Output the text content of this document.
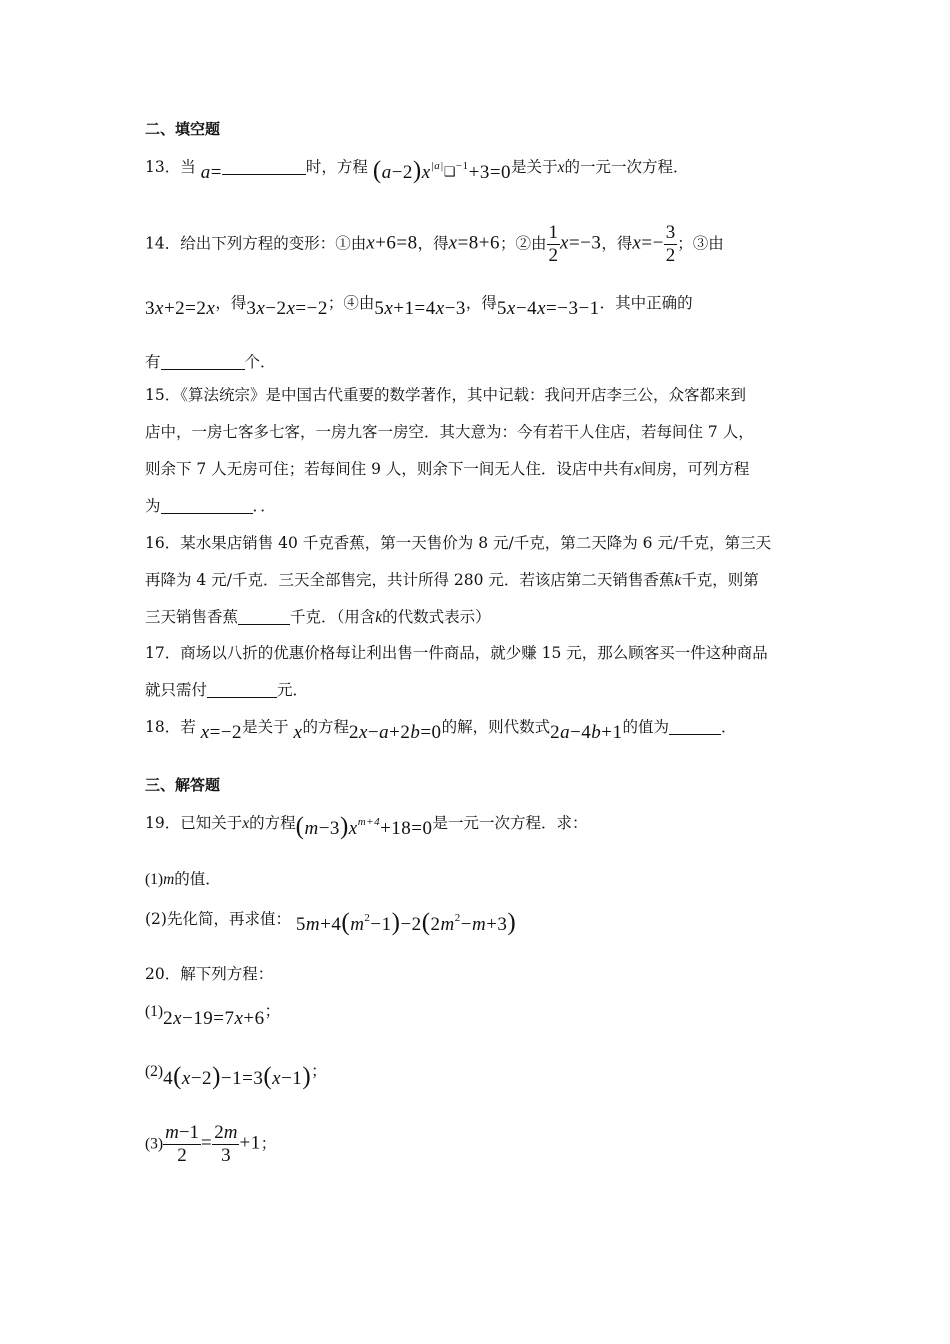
二、填空题
13．当 a=	时，方程 $(a-2)x^{|a|}❑^{-1}+3=0$是关于x的一元一次方程．
14．给出下列方程的变形：①由x+6=8，得x=8+6；②由 $\frac{1}{2} x=-3$，得$x=- \frac{3}{2}$ ；③由
3x+2=2x，得3x−2x=−2；④由5x+1=4x−3，得5x−4x=−3−1．其中正确的
有	个．
15．《算法统宗》是中国古代重要的数学著作，其中记载：我问开店李三公，众客都来到
店中，一房七客多七客，一房九客一房空．其大意为：今有若干人住店，若每间住 7 人，
则余下 7 人无房可住；若每间住 9 人，则余下一间无人住．设店中共有x间房，可列方程
为	．．
16．某水果店销售 40 千克香蕉，第一天售价为 8 元/千克，第二天降为 6 元/千克，第三天
再降为 4 元/千克．三天全部售完，共计所得 280 元．若该店第二天销售香蕉k千克，则第
三天销售香蕉	千克．（用含k的代数式表示）
17．商场以八折的优惠价格每让利出售一件商品，就少赚 15 元，那么顾客买一件这种商品
就只需付	元．
18．若 x=−2是关于 x的方程2x−a+2b=0的解，则代数式2a−4b+1的值为	．
三、解答题
19．已知关于x的方程$(m-3)x^{m+4}+18=0$是一元一次方程．求：
(1)m的值．
(2)先化简，再求值： $5m+4(m^2-1)-2(2m^2-m+3)$
20．解下列方程：
(1)2x−19=7x+6；
(2)4(x−2)−1=3(x−1)；
$(3) \frac{m-1}{2} = \frac{2m}{3} +1$；
